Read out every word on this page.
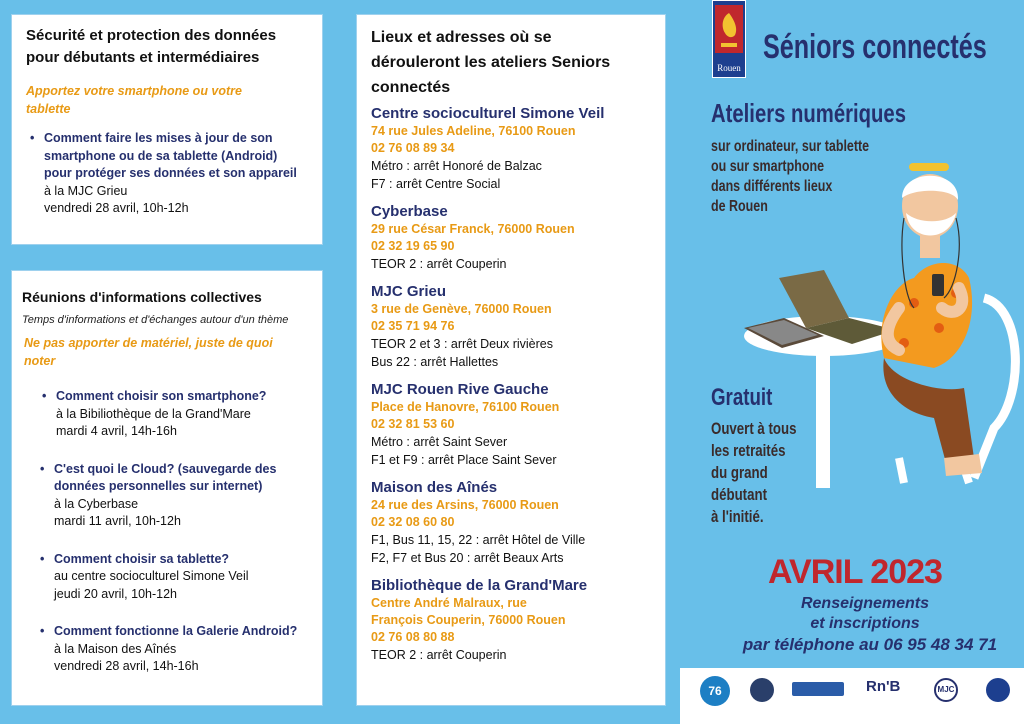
Sécurité et protection des données pour débutants et intermédiaires
Apportez votre smartphone ou votre tablette
• Comment faire les mises à jour de son smartphone ou de sa tablette (Android) pour protéger ses données et son appareil
à la MJC Grieu
vendredi 28 avril, 10h-12h
Réunions d'informations collectives
Temps d'informations et d'échanges autour d'un thème
Ne pas apporter de matériel, juste de quoi noter
• Comment choisir son smartphone?
à la Bibiliothèque de la Grand'Mare
mardi 4 avril, 14h-16h
• C'est quoi le Cloud? (sauvegarde des données personnelles sur internet)
à la Cyberbase
mardi 11 avril, 10h-12h
• Comment choisir sa tablette?
au centre socioculturel Simone Veil
jeudi 20 avril, 10h-12h
• Comment fonctionne la Galerie Android?
à la Maison des Aînés
vendredi 28 avril, 14h-16h
Lieux et adresses où se dérouleront les ateliers Seniors connectés
Centre socioculturel Simone Veil
74 rue Jules Adeline, 76100 Rouen
02 76 08 89 34
Métro : arrêt Honoré de Balzac
F7 : arrêt Centre Social
Cyberbase
29 rue César Franck, 76000 Rouen
02 32 19 65 90
TEOR 2 : arrêt Couperin
MJC Grieu
3 rue de Genève, 76000 Rouen
02 35 71 94 76
TEOR 2 et 3 : arrêt Deux rivières
Bus 22 : arrêt Hallettes
MJC Rouen Rive Gauche
Place de Hanovre, 76100 Rouen
02 32 81 53 60
Métro : arrêt Saint Sever
F1 et F9 : arrêt Place Saint Sever
Maison des Aînés
24 rue des Arsins, 76000 Rouen
02 32 08 60 80
F1, Bus 11, 15, 22 : arrêt Hôtel de Ville
F2, F7 et Bus 20 : arrêt Beaux Arts
Bibliothèque de la Grand'Mare
Centre André Malraux, rue François Couperin, 76000 Rouen
02 76 08 80 88
TEOR 2 : arrêt Couperin
Rouen
Séniors connectés
Ateliers numériques
sur ordinateur, sur tablette
ou sur smartphone
dans différents lieux
de Rouen
Gratuit
Ouvert à tous
les retraités
du grand
débutant
à l'initié.
AVRIL 2023
Renseignements
et inscriptions
par téléphone au 06 95 48 34 71
76	Rn'B	MJC
